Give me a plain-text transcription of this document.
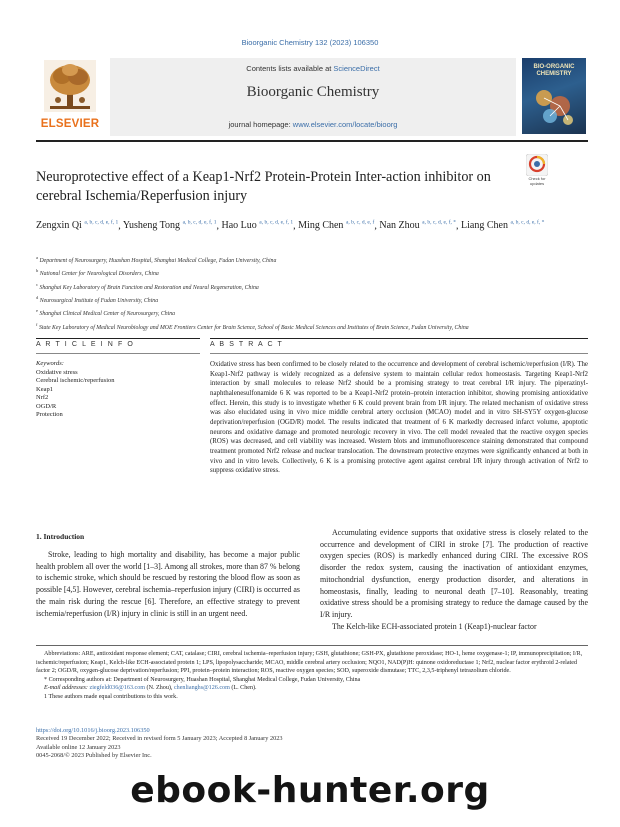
Bioorganic Chemistry 132 (2023) 106350
ELSEVIER
Contents lists available at ScienceDirect
Bioorganic Chemistry
journal homepage: www.elsevier.com/locate/bioorg
BIO-ORGANIC CHEMISTRY
Neuroprotective effect of a Keap1-Nrf2 Protein-Protein Inter-action inhibitor on cerebral Ischemia/Reperfusion injury
Check for updates
Zengxin Qi $^{a, b, c, d, e, f, 1}$, Yusheng Tong $^{a, b, c, d, e, f, 1}$, Hao Luo $^{a, b, c, d, e, f, 1}$, Ming Chen $^{a, b, c, d, e, f}$, Nan Zhou $^{a, b, c, d, e, f, *}$, Liang Chen $^{a, b, c, d, e, f, *}$
$^a$ Department of Neurosurgery, Huashan Hospital, Shanghai Medical College, Fudan University, China
$^b$ National Center for Neurological Disorders, China
$^c$ Shanghai Key Laboratory of Brain Function and Restoration and Neural Regeneration, China
$^d$ Neurosurgical Institute of Fudan University, China
$^e$ Shanghai Clinical Medical Center of Neurosurgery, China
$^f$ State Key Laboratory of Medical Neurobiology and MOE Frontiers Center for Brain Science, School of Basic Medical Sciences and Institutes of Brain Science, Fudan University, China
A R T I C L E I N F O	A B S T R A C T
Keywords:
Oxidative stress
Cerebral ischemic/reperfusion
Keap1
Nrf2
OGD/R
Protection
Oxidative stress has been confirmed to be closely related to the occurrence and development of cerebral ischemic/reperfusion (I/R). The Keap1-Nrf2 pathway is widely recognized as a defensive system to maintain cellular redox homeostasis. Targeting Keap1-Nrf2 interaction by small molecules to release Nrf2 should be a promising strategy to treat cerebral I/R injury. The piperazinyl-naphthalenesulfonamide 6 K was reported to be a Keap1-Nrf2 protein–protein interaction inhibitor, showing promising antioxidative effect. Herein, this study is to investigate whether 6 K could prevent brain from I/R injury. The related mechanism of oxidative stress was also elucidated using in vivo mice middle cerebral artery occlusion (MCAO) model and in vitro SH-SY5Y oxygen-glucose deprivation/reperfusion (OGD/R) model. The results indicated that treatment of 6 K markedly decreased infarct volume, apoptotic neurons and oxidative damage and promoted neurologic recovery in vivo. The cell model revealed that the reactive oxygen species (ROS) was decreased, and cell viability was increased. Western blots and immunofluorescence staining demonstrated that compound treatment promoted Nrf2 release and nuclear translocation. The downstream protective enzymes were significantly enhanced at both in vivo and in vitro levels. Collectively, 6 K is a promising protective agent against cerebral I/R injury through activation of Nrf2 to suppress oxidative stress.
1. Introduction
Stroke, leading to high mortality and disability, has become a major public health problem all over the world [1–3]. Among all strokes, more than 87 % belong to ischemic stroke, which should be rescued by restoring the blood flow as soon as possible [4,5]. However, cerebral ischemia–reperfusion injury (CIRI) is occurred as the main risk during the rescue [6]. Therefore, an effective strategy to prevent ischemia/reperfusion (I/R) injury in clinic is still in an urgent need.

Accumulating evidence supports that oxidative stress is closely related to the occurrence and development of CIRI in stroke [7]. The production of reactive oxygen species (ROS) is markedly enhanced during CIRI. The excessive ROS disorder the redox system, causing the inactivation of antioxidant enzymes, mitochondrial dysfunction, energy production disorder, and alterations in homeostasis, finally, leading to neuronal death [7–10]. Reasonably, treating oxidative stress should be a promising strategy to reduce the damage caused by the I/R injury.

The Kelch-like ECH-associated protein 1 (Keap1)-nuclear factor

Abbreviations: ARE, antioxidant response element; CAT, catalase; CIRI, cerebral ischemia–reperfusion injury; GSH, glutathione; GSH-PX, glutathione peroxidase; HO-1, heme oxygenase-1; IP, immunoprecipitation; I/R, ischemic/reperfusion; Keap1, Kelch-like ECH-associated protein 1; LPS, lipopolysaccharide; MCAO, middle cerebral artery occlusion; NQO1, NAD(P)H: quinone oxidoreductase 1; Nrf2, nuclear factor erythroid 2-related factor 2; OGD/R, oxygen-glucose deprivation/reperfusion; PPI, protein–protein interaction; ROS, reactive oxygen species; SOD, superoxide dismutase; TTC, 2,3,5-triphenyl tetrazolium chloride.
* Corresponding authors at: Department of Neurosurgery, Huashan Hospital, Shanghai Medical College, Fudan University, China
E-mail addresses: ziegfeld036@163.com (N. Zhou), chenlianghs@126.com (L. Chen).
1 These authors made equal contributions to this work.
https://doi.org/10.1016/j.bioorg.2023.106350
Received 19 December 2022; Received in revised form 5 January 2023; Accepted 8 January 2023
Available online 12 January 2023
0045-2068/© 2023 Published by Elsevier Inc.
ebook-hunter.org
